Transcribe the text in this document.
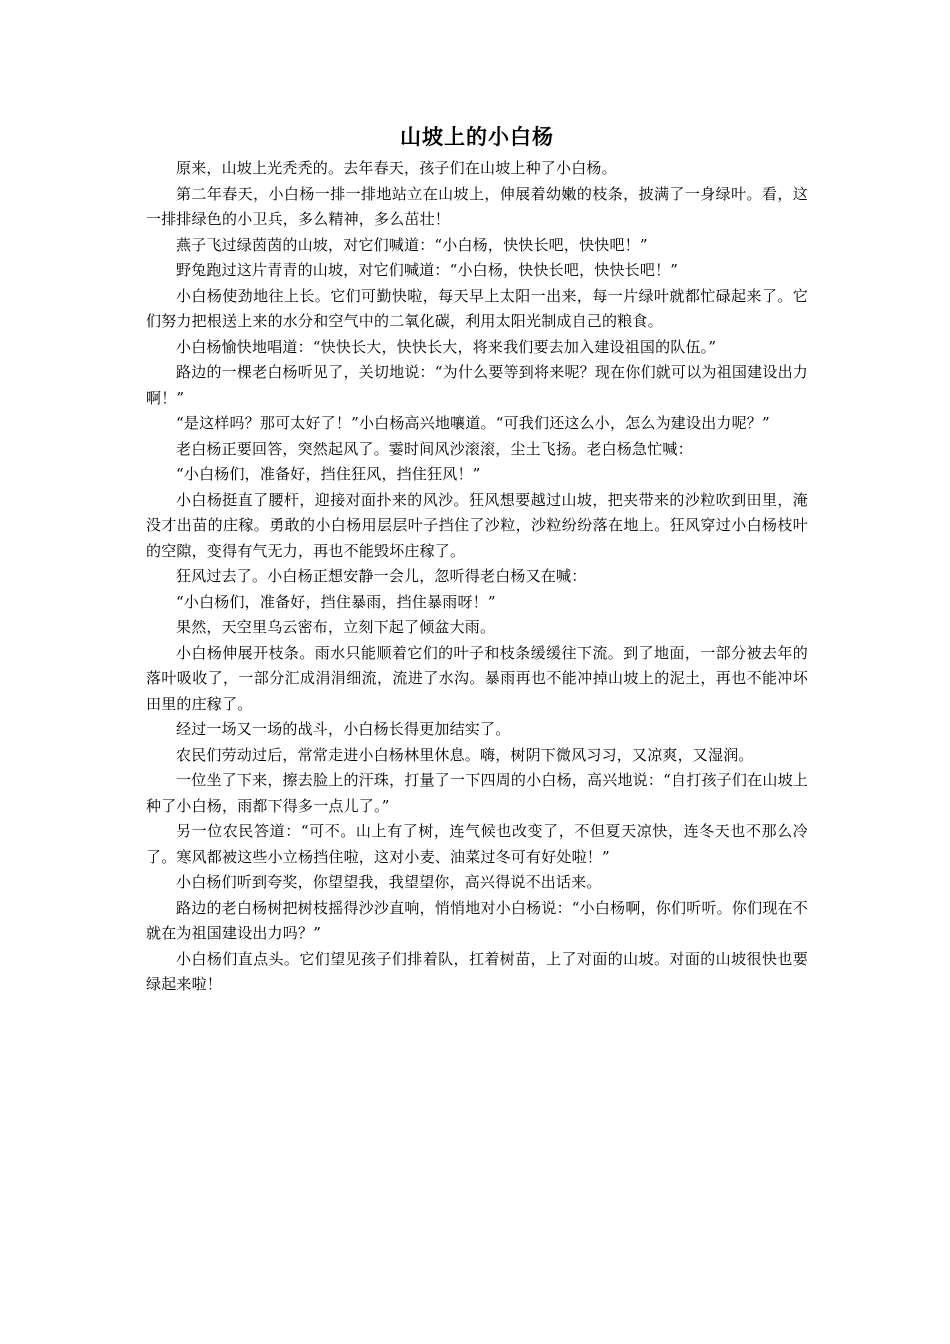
山坡上的小白杨

原来，山坡上光秃秃的。去年春天，孩子们在山坡上种了小白杨。

第二年春天，小白杨一排一排地站立在山坡上，伸展着幼嫩的枝条，披满了一身绿叶。看，这一排排绿色的小卫兵，多么精神，多么茁壮！

燕子飞过绿茵茵的山坡，对它们喊道：“小白杨，快快长吧，快快吧！”

野兔跑过这片青青的山坡，对它们喊道：“小白杨，快快长吧，快快长吧！”

小白杨使劲地往上长。它们可勤快啦，每天早上太阳一出来，每一片绿叶就都忙碌起来了。它们努力把根送上来的水分和空气中的二氧化碳，利用太阳光制成自己的粮食。

小白杨愉快地唱道：“快快长大，快快长大，将来我们要去加入建设祖国的队伍。”

路边的一棵老白杨听见了，关切地说：“为什么要等到将来呢？现在你们就可以为祖国建设出力啊！”

“是这样吗？那可太好了！”小白杨高兴地嚷道。“可我们还这么小，怎么为建设出力呢？”

老白杨正要回答，突然起风了。霎时间风沙滚滚，尘土飞扬。老白杨急忙喊：

“小白杨们，准备好，挡住狂风，挡住狂风！”

小白杨挺直了腰杆，迎接对面扑来的风沙。狂风想要越过山坡，把夹带来的沙粒吹到田里，淹没才出苗的庄稼。勇敢的小白杨用层层叶子挡住了沙粒，沙粒纷纷落在地上。狂风穿过小白杨枝叶的空隙，变得有气无力，再也不能毁坏庄稼了。

狂风过去了。小白杨正想安静一会儿，忽听得老白杨又在喊：

“小白杨们，准备好，挡住暴雨，挡住暴雨呀！”

果然，天空里乌云密布，立刻下起了倾盆大雨。

小白杨伸展开枝条。雨水只能顺着它们的叶子和枝条缓缓往下流。到了地面，一部分被去年的落叶吸收了，一部分汇成涓涓细流，流进了水沟。暴雨再也不能冲掉山坡上的泥土，再也不能冲坏田里的庄稼了。

经过一场又一场的战斗，小白杨长得更加结实了。

农民们劳动过后，常常走进小白杨林里休息。嗨，树阴下微风习习，又凉爽，又湿润。

一位坐了下来，擦去脸上的汗珠，打量了一下四周的小白杨，高兴地说：“自打孩子们在山坡上种了小白杨，雨都下得多一点儿了。”

另一位农民答道：“可不。山上有了树，连气候也改变了，不但夏天凉快，连冬天也不那么冷了。寒风都被这些小立杨挡住啦，这对小麦、油菜过冬可有好处啦！”

小白杨们听到夸奖，你望望我，我望望你，高兴得说不出话来。

路边的老白杨树把树枝摇得沙沙直响，悄悄地对小白杨说：“小白杨啊，你们听听。你们现在不就在为祖国建设出力吗？”

小白杨们直点头。它们望见孩子们排着队，扛着树苗，上了对面的山坡。对面的山坡很快也要绿起来啦！
